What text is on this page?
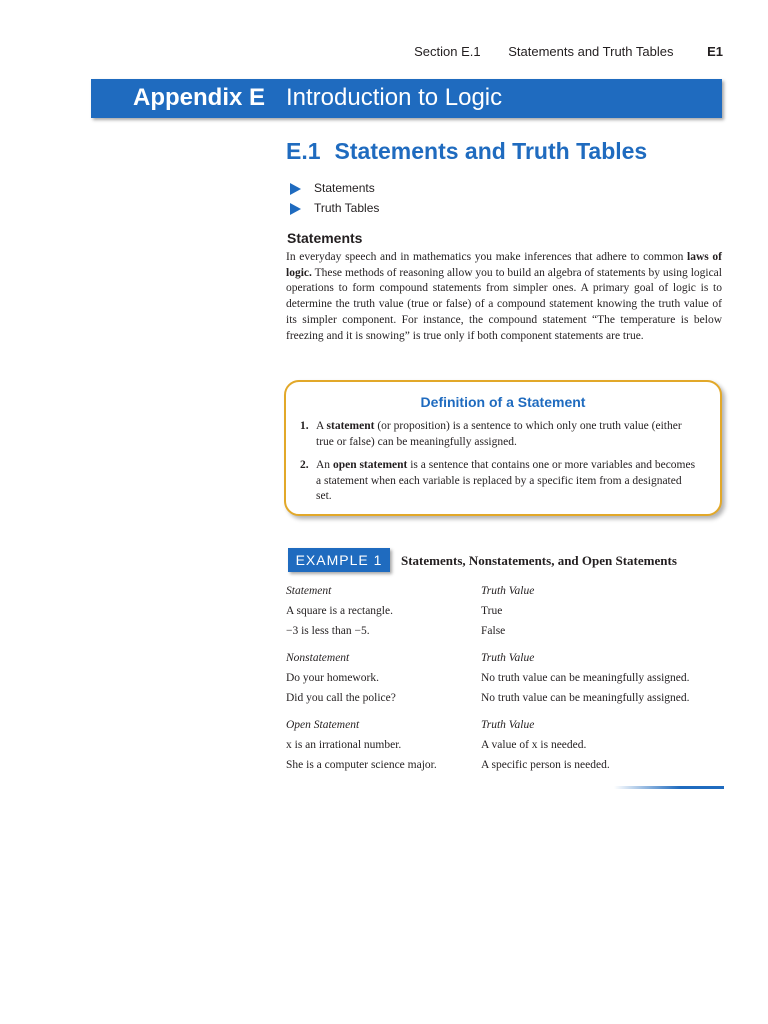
Section E.1 Statements and Truth Tables	E1
Appendix E Introduction to Logic
E.1 Statements and Truth Tables
Statements
Truth Tables
Statements

In everyday speech and in mathematics you make inferences that adhere to common laws of logic. These methods of reasoning allow you to build an algebra of statements by using logical operations to form compound statements from simpler ones. A primary goal of logic is to determine the truth value (true or false) of a compound statement knowing the truth value of its simpler component. For instance, the compound statement “The temperature is below freezing and it is snowing” is true only if both component statements are true.

Definition of a Statement
1. A statement (or proposition) is a sentence to which only one truth value (either true or false) can be meaningfully assigned.
2. An open statement is a sentence that contains one or more variables and becomes a statement when each variable is replaced by a specific item from a designated set.
EXAMPLE 1	Statements, Nonstatements, and Open Statements
Statement	Truth Value
A square is a rectangle.	True
−3 is less than −5.	False
Nonstatement	Truth Value
Do your homework.	No truth value can be meaningfully assigned.
Did you call the police?	No truth value can be meaningfully assigned.
Open Statement	Truth Value
x is an irrational number.	A value of x is needed.
She is a computer science major.	A specific person is needed.
